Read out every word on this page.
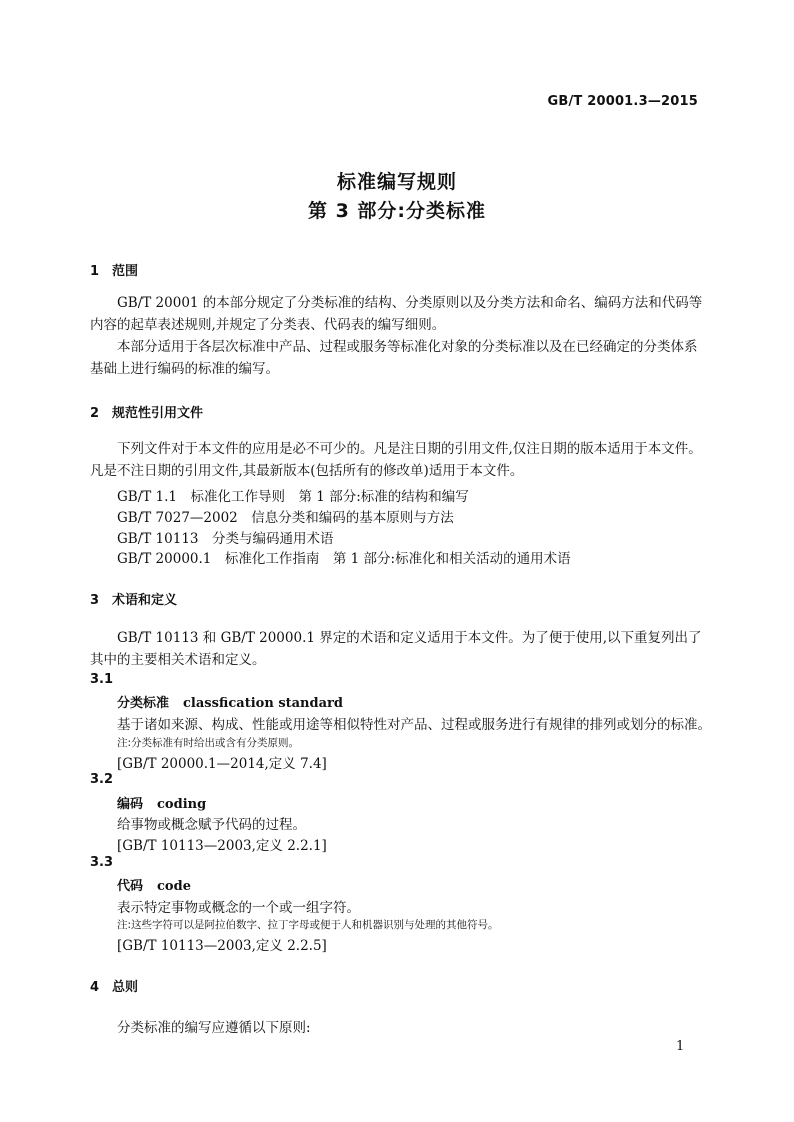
GB/T 20001.3—2015
标准编写规则
第 3 部分:分类标准
1 范围
GB/T 20001 的本部分规定了分类标准的结构、分类原则以及分类方法和命名、编码方法和代码等内容的起草表述规则,并规定了分类表、代码表的编写细则。
本部分适用于各层次标准中产品、过程或服务等标准化对象的分类标准以及在已经确定的分类体系基础上进行编码的标准的编写。
2 规范性引用文件
下列文件对于本文件的应用是必不可少的。凡是注日期的引用文件,仅注日期的版本适用于本文件。凡是不注日期的引用文件,其最新版本(包括所有的修改单)适用于本文件。
GB/T 1.1　标准化工作导则　第 1 部分:标准的结构和编写
GB/T 7027—2002　信息分类和编码的基本原则与方法
GB/T 10113　分类与编码通用术语
GB/T 20000.1　标准化工作指南　第 1 部分:标准化和相关活动的通用术语
3 术语和定义
GB/T 10113 和 GB/T 20000.1 界定的术语和定义适用于本文件。为了便于使用,以下重复列出了其中的主要相关术语和定义。
3.1
分类标准 classfication standard
基于诸如来源、构成、性能或用途等相似特性对产品、过程或服务进行有规律的排列或划分的标准。
注:分类标准有时给出或含有分类原则。
[GB/T 20000.1—2014,定义 7.4]
3.2
编码 coding
给事物或概念赋予代码的过程。
[GB/T 10113—2003,定义 2.2.1]
3.3
代码 code
表示特定事物或概念的一个或一组字符。
注:这些字符可以是阿拉伯数字、拉丁字母或便于人和机器识别与处理的其他符号。
[GB/T 10113—2003,定义 2.2.5]
4 总则
分类标准的编写应遵循以下原则:
1
